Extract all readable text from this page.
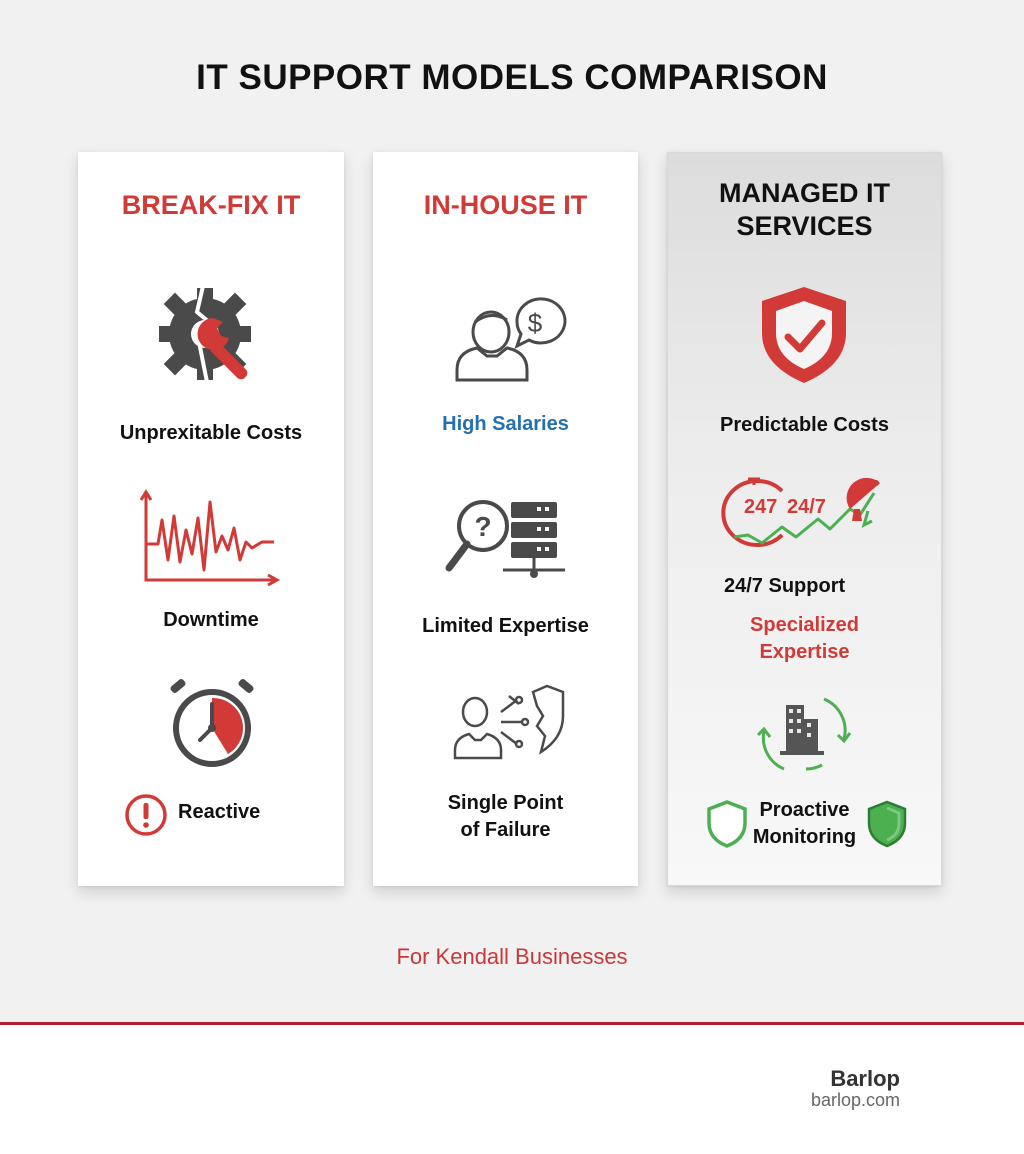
IT SUPPORT MODELS COMPARISON
BREAK-FIX IT
Unprexitable Costs
Downtime
Reactive
IN-HOUSE IT
$
High Salaries
?
Limited Expertise
Single Point
of Failure
MANAGED IT
SERVICES
Predictable Costs
247 24/7
24/7 Support
Specialized
Expertise
Proactive
Monitoring
For Kendall Businesses
Barlop
barlop.com
